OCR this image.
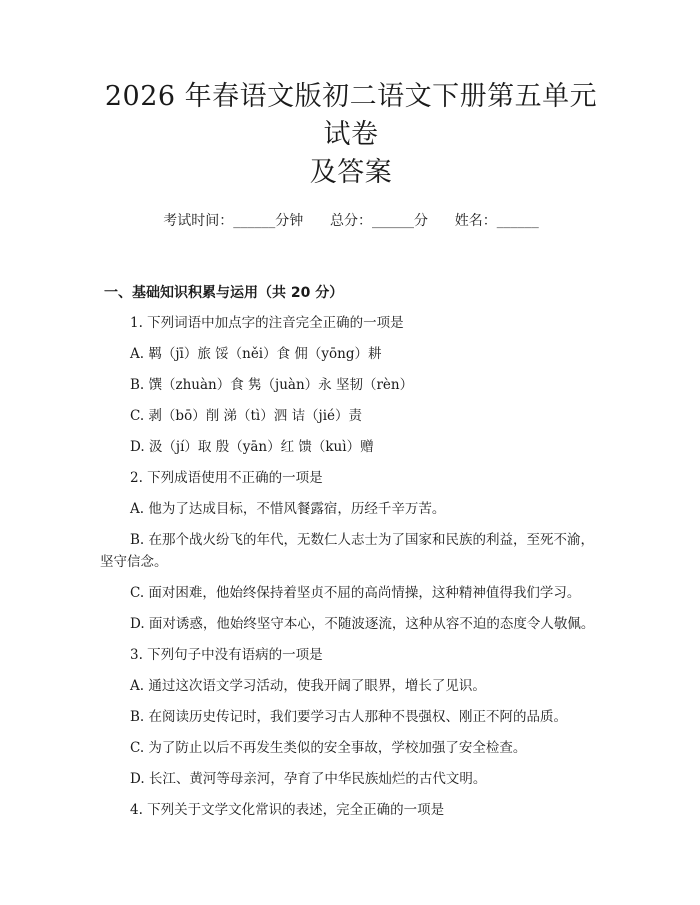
2026 年春语文版初二语文下册第五单元试卷
及答案
考试时间：______分钟      总分：______分      姓名：______
一、基础知识积累与运用（共 20 分）

1. 下列词语中加点字的注音完全正确的一项是

A. 羁（jī）旅 馁（něi）食 佣（yōng）耕

B. 馔（zhuàn）食 隽（juàn）永 坚韧（rèn）

C. 剥（bō）削 涕（tì）泗 诘（jié）责

D. 汲（jí）取 殷（yān）红 馈（kuì）赠

2. 下列成语使用不正确的一项是

A. 他为了达成目标，不惜风餐露宿，历经千辛万苦。

B. 在那个战火纷飞的年代，无数仁人志士为了国家和民族的利益，至死不渝，坚守信念。

C. 面对困难，他始终保持着坚贞不屈的高尚情操，这种精神值得我们学习。

D. 面对诱惑，他始终坚守本心，不随波逐流，这种从容不迫的态度令人敬佩。

3. 下列句子中没有语病的一项是

A. 通过这次语文学习活动，使我开阔了眼界，增长了见识。

B. 在阅读历史传记时，我们要学习古人那种不畏强权、刚正不阿的品质。

C. 为了防止以后不再发生类似的安全事故，学校加强了安全检查。

D. 长江、黄河等母亲河，孕育了中华民族灿烂的古代文明。

4. 下列关于文学文化常识的表述，完全正确的一项是
